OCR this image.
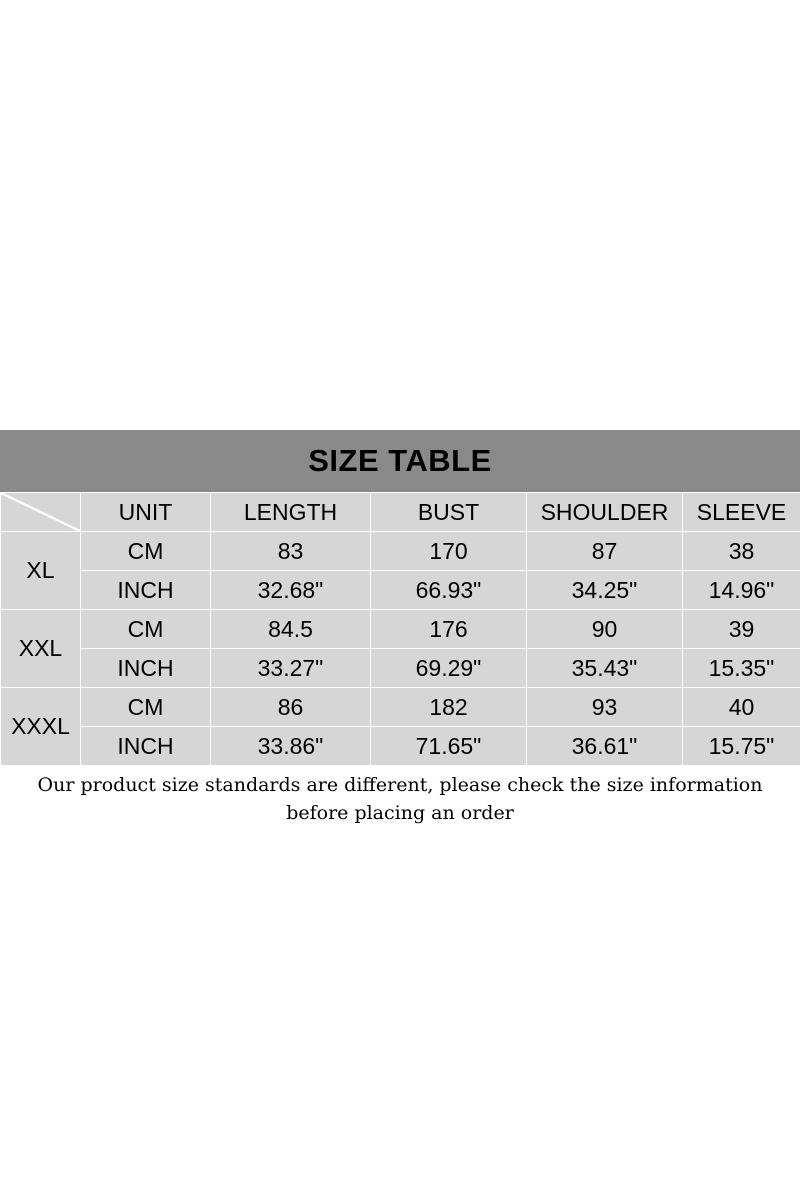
SIZE TABLE
	UNIT	LENGTH	BUST	SHOULDER	SLEEVE
XL	CM	83	170	87	38
	INCH	32.68"	66.93"	34.25"	14.96"
XXL	CM	84.5	176	90	39
	INCH	33.27"	69.29"	35.43"	15.35"
XXXL	CM	86	182	93	40
	INCH	33.86"	71.65"	36.61"	15.75"
Our product size standards are different, please check the size information before placing an order
